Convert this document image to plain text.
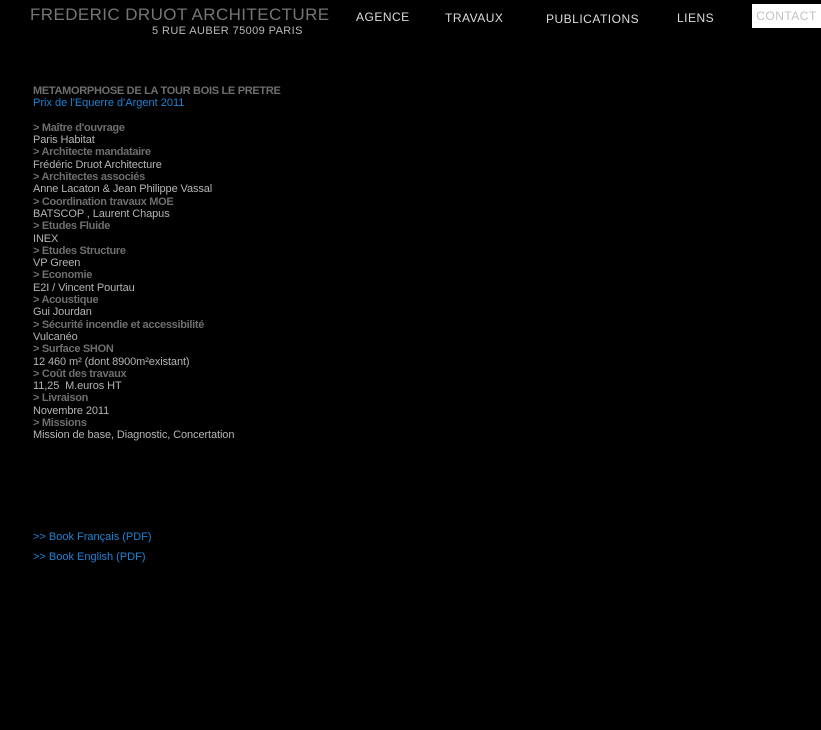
FREDERIC DRUOT ARCHITECTURE
5 RUE AUBER 75009 PARIS
AGENCE	TRAVAUX	PUBLICATIONS	LIENS	CONTACT
METAMORPHOSE DE LA TOUR BOIS LE PRETRE
Prix de l'Equerre d'Argent 2011
> Maître d'ouvrage
Paris Habitat
> Architecte mandataire
Frédéric Druot Architecture
> Architectes associés
Anne Lacaton & Jean Philippe Vassal
> Coordination travaux MOE
BATSCOP , Laurent Chapus
> Etudes Fluide
INEX
> Etudes Structure
VP Green
> Economie
E2I / Vincent Pourtau
> Acoustique
Gui Jourdan
> Sécurité incendie et accessibilité
Vulcanéo
> Surface SHON
12 460 m² (dont 8900m²existant)
> Coût des travaux
11,25  M.euros HT
> Livraison
Novembre 2011
> Missions
Mission de base, Diagnostic, Concertation
>> Book Français (PDF)
>> Book English (PDF)
